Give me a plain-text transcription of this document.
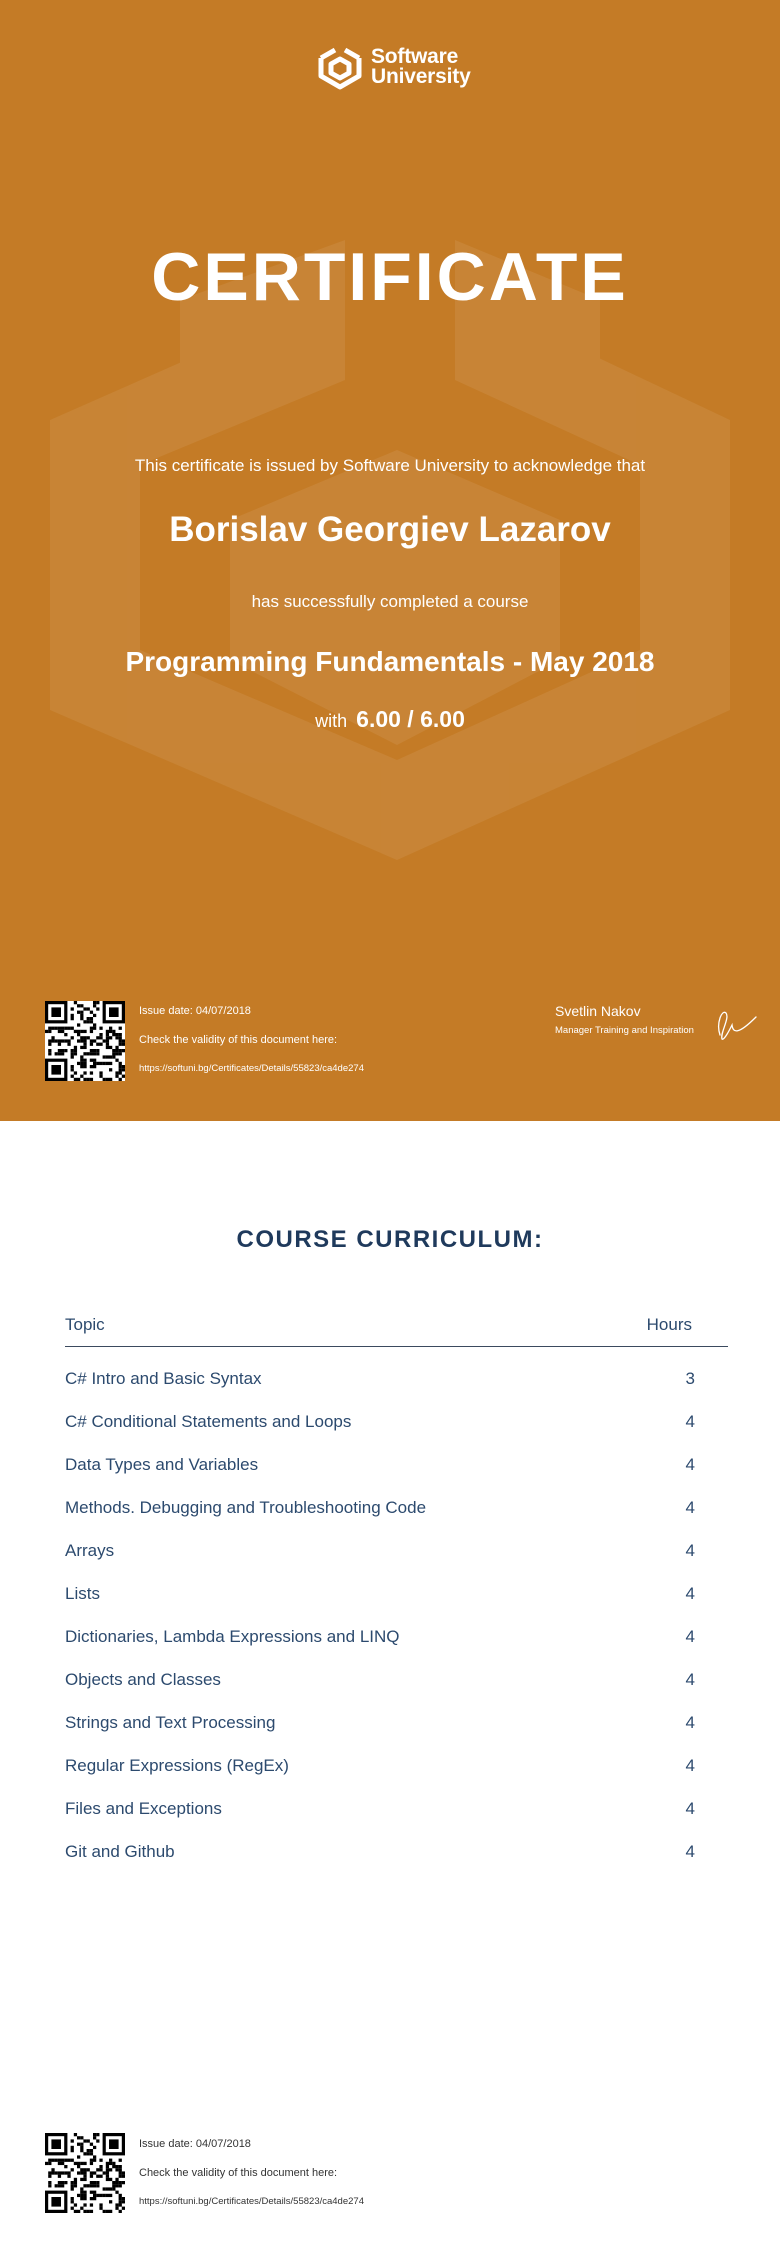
Software
University
CERTIFICATE
This certificate is issued by Software University to acknowledge that
Borislav Georgiev Lazarov
has successfully completed a course
Programming Fundamentals - May 2018
with 6.00 / 6.00
Issue date: 04/07/2018
Check the validity of this document here:
https://softuni.bg/Certificates/Details/55823/ca4de274
Svetlin Nakov
Manager Training and Inspiration
COURSE CURRICULUM:
Topic	Hours
C# Intro and Basic Syntax	3
C# Conditional Statements and Loops	4
Data Types and Variables	4
Methods. Debugging and Troubleshooting Code	4
Arrays	4
Lists	4
Dictionaries, Lambda Expressions and LINQ	4
Objects and Classes	4
Strings and Text Processing	4
Regular Expressions (RegEx)	4
Files and Exceptions	4
Git and Github	4
Issue date: 04/07/2018
Check the validity of this document here:
https://softuni.bg/Certificates/Details/55823/ca4de274
